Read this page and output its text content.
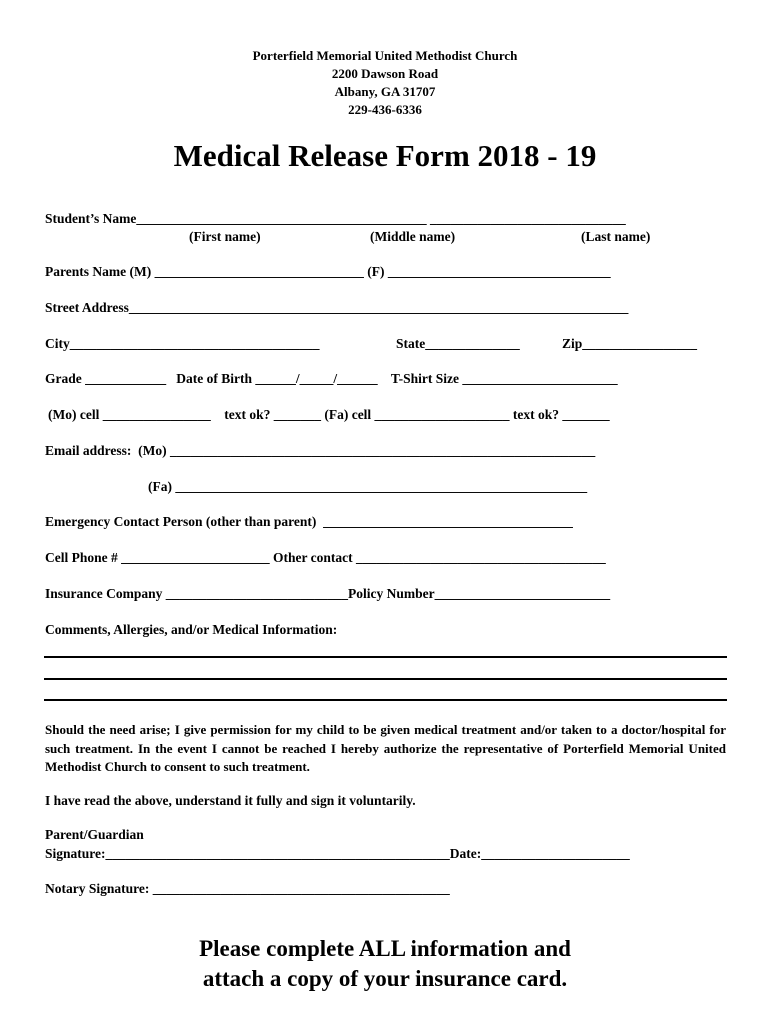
Porterfield Memorial United Methodist Church
2200 Dawson Road
Albany, GA 31707
229-436-6336
Medical Release Form 2018 - 19
Student’s Name___________________________________________ _____________________________
(First name)	(Middle name)	(Last name)
Parents Name (M) _______________________________ (F) _________________________________
Street Address__________________________________________________________________________
City_____________________________________	State______________	Zip_________________
Grade ____________   Date of Birth ______/_____/______    T-Shirt Size _______________________
(Mo) cell ________________    text ok? _______ (Fa) cell ____________________ text ok? _______
Email address:  (Mo) _______________________________________________________________
(Fa) _____________________________________________________________
Emergency Contact Person (other than parent)  _____________________________________
Cell Phone # ______________________ Other contact _____________________________________
Insurance Company ___________________________Policy Number__________________________
Comments, Allergies, and/or Medical Information:
Should the need arise; I give permission for my child to be given medical treatment and/or taken to a doctor/hospital for such treatment. In the event I cannot be reached I hereby authorize the representative of Porterfield Memorial United Methodist Church to consent to such treatment.
I have read the above, understand it fully and sign it voluntarily.
Parent/Guardian
Signature:___________________________________________________Date:______________________
Notary Signature: ____________________________________________
Please complete ALL information and
attach a copy of your insurance card.
